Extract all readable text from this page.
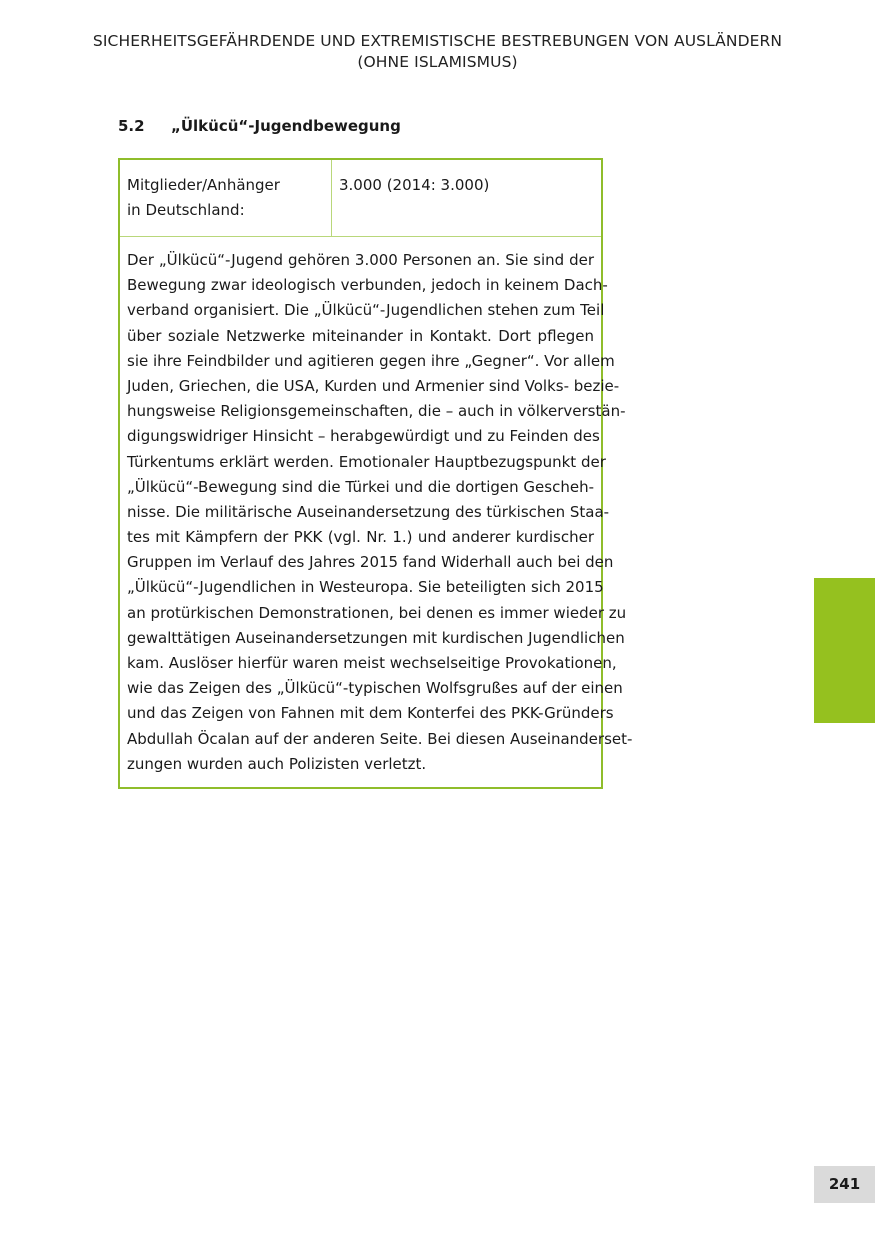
SICHERHEITSGEFÄHRDENDE UND EXTREMISTISCHE BESTREBUNGEN VON AUSLÄNDERN
(OHNE ISLAMISMUS)
5.2 „Ülkücü“-Jugendbewegung
Mitglieder/Anhänger
in Deutschland:
3.000 (2014: 3.000)
Der „Ülkücü“-Jugend gehören 3.000 Personen an. Sie sind der
Bewegung zwar ideologisch verbunden, jedoch in keinem Dach-
verband organisiert. Die „Ülkücü“-Jugendlichen stehen zum Teil
über soziale Netzwerke miteinander in Kontakt. Dort pflegen
sie ihre Feindbilder und agitieren gegen ihre „Gegner“. Vor allem
Juden, Griechen, die USA, Kurden und Armenier sind Volks- bezie-
hungsweise Religionsgemeinschaften, die – auch in völkerverstän-
digungswidriger Hinsicht – herabgewürdigt und zu Feinden des
Türkentums erklärt werden. Emotionaler Hauptbezugspunkt der
„Ülkücü“-Bewegung sind die Türkei und die dortigen Gescheh-
nisse. Die militärische Auseinandersetzung des türkischen Staa-
tes mit Kämpfern der PKK (vgl. Nr. 1.) und anderer kurdischer
Gruppen im Verlauf des Jahres 2015 fand Widerhall auch bei den
„Ülkücü“-Jugendlichen in Westeuropa. Sie beteiligten sich 2015
an protürkischen Demonstrationen, bei denen es immer wieder zu
gewalttätigen Auseinandersetzungen mit kurdischen Jugendlichen
kam. Auslöser hierfür waren meist wechselseitige Provokationen,
wie das Zeigen des „Ülkücü“-typischen Wolfsgrußes auf der einen
und das Zeigen von Fahnen mit dem Konterfei des PKK-Gründers
Abdullah Öcalan auf der anderen Seite. Bei diesen Auseinanderset-
zungen wurden auch Polizisten verletzt.
241
